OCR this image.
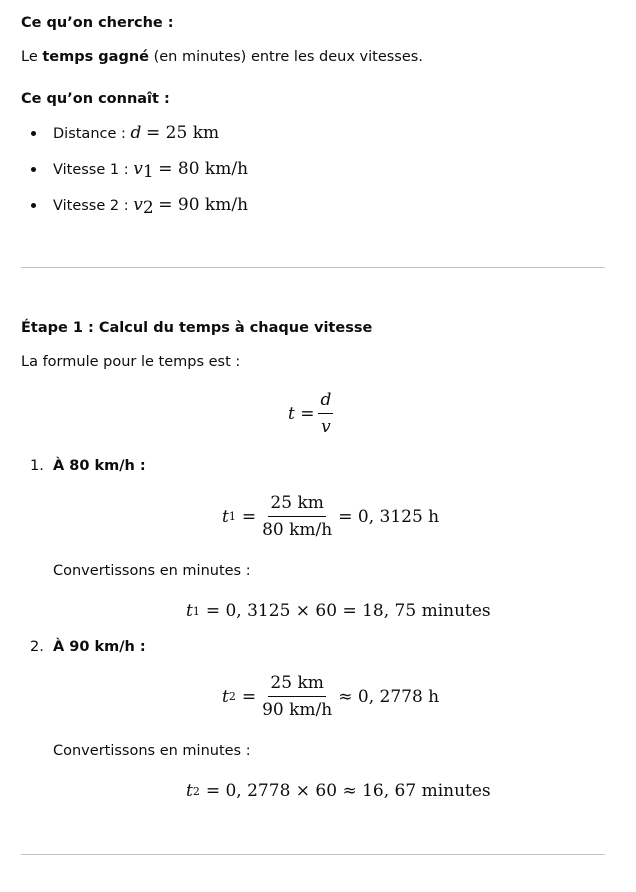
Ce qu’on cherche :
Le temps gagné (en minutes) entre les deux vitesses.
Ce qu’on connaît :
Distance : d = 25 km
Vitesse 1 : $v_1 = 80$ km/h
Vitesse 2 : $v_2 = 90$ km/h
Étape 1 : Calcul du temps à chaque vitesse
La formule pour le temps est :
$t = \frac{d}{v}$
1. À 80 km/h :
t $1 = \frac{25 km}{80 km/h} = 0$, 3125 h
Convertissons en minutes :
t 1 = 0, 3125 × 60 = 18, 75 minutes
2. À 90 km/h :
t $2 = \frac{25 km}{90 km/h} \approx 0$, 2778 h
Convertissons en minutes :
t 2 = 0, 2778 × 60 ≈ 16, 67 minutes
